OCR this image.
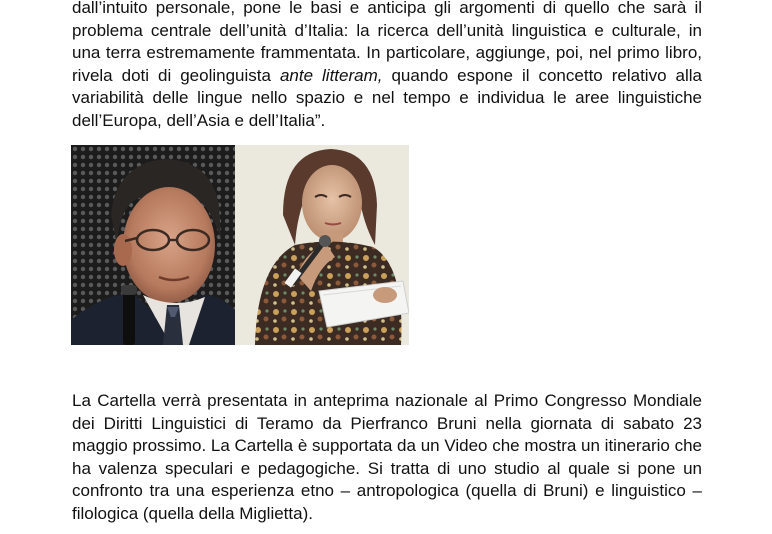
dall’intuito personale, pone le basi e anticipa gli argomenti di quello che sarà il problema centrale dell’unità d’Italia: la ricerca dell’unità linguistica e culturale, in una terra estremamente frammentata. In particolare, aggiunge, poi, nel primo libro, rivela doti di geolinguista ante litteram, quando espone il concetto relativo alla variabilità delle lingue nello spazio e nel tempo e individua le aree linguistiche dell’Europa, dell’Asia e dell’Italia”.

La Cartella verrà presentata in anteprima nazionale al Primo Congresso Mondiale dei Diritti Linguistici di Teramo da Pierfranco Bruni nella giornata di sabato 23 maggio prossimo. La Cartella è supportata da un Video che mostra un itinerario che ha valenza speculari e pedagogiche. Si tratta di uno studio al quale si pone un confronto tra una esperienza etno – antropologica (quella di Bruni) e linguistico – filologica (quella della Miglietta).
